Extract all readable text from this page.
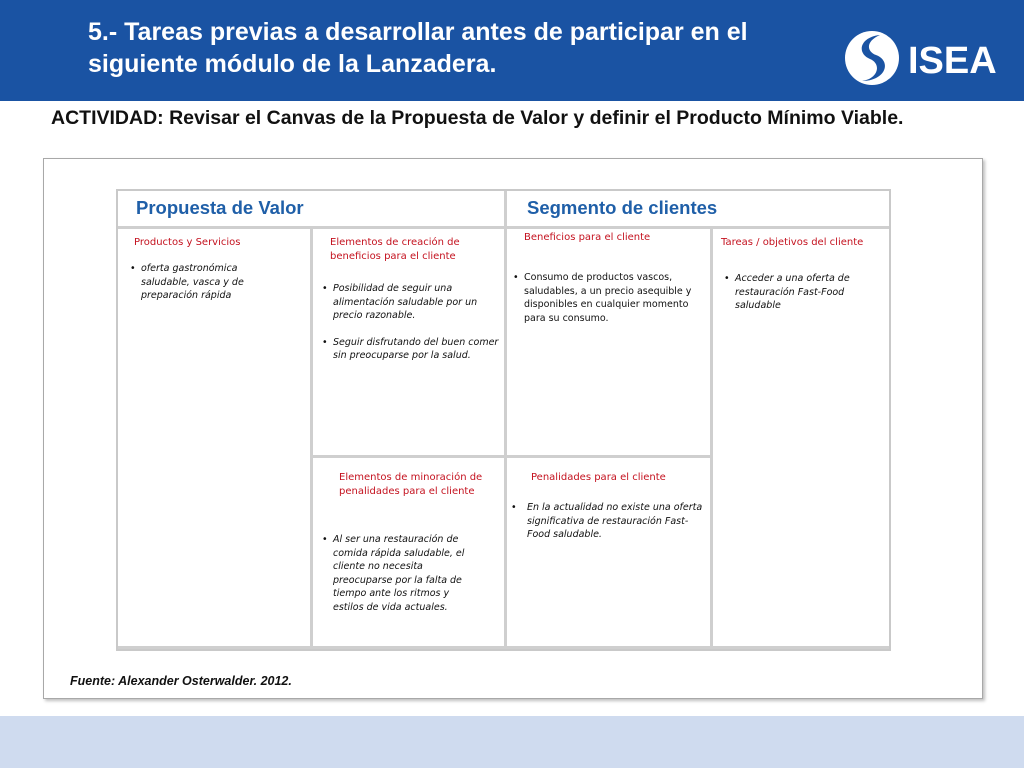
5.- Tareas previas a desarrollar antes de participar en el siguiente módulo de la Lanzadera.	ISEA
ACTIVIDAD: Revisar el Canvas de la Propuesta de Valor y definir el Producto Mínimo Viable.
Propuesta de Valor	Segmento de clientes
Productos y Servicios
• oferta gastronómica saludable, vasca y de preparación rápida
Elementos de creación de beneficios para el cliente
• Posibilidad de seguir una alimentación saludable por un precio razonable.
• Seguir disfrutando del buen comer sin preocuparse por la salud.
Elementos de minoración de penalidades para el cliente
• Al ser una restauración de comida rápida saludable, el cliente no necesita preocuparse por la falta de tiempo ante los ritmos y estilos de vida actuales.
Beneficios para el cliente
• Consumo de productos vascos, saludables, a un precio asequible y disponibles en cualquier momento para su consumo.
Penalidades para el cliente
• En la actualidad no existe una oferta significativa de restauración Fast-Food saludable.
Tareas / objetivos del cliente
• Acceder a una oferta de restauración Fast-Food saludable
Fuente: Alexander Osterwalder. 2012.
